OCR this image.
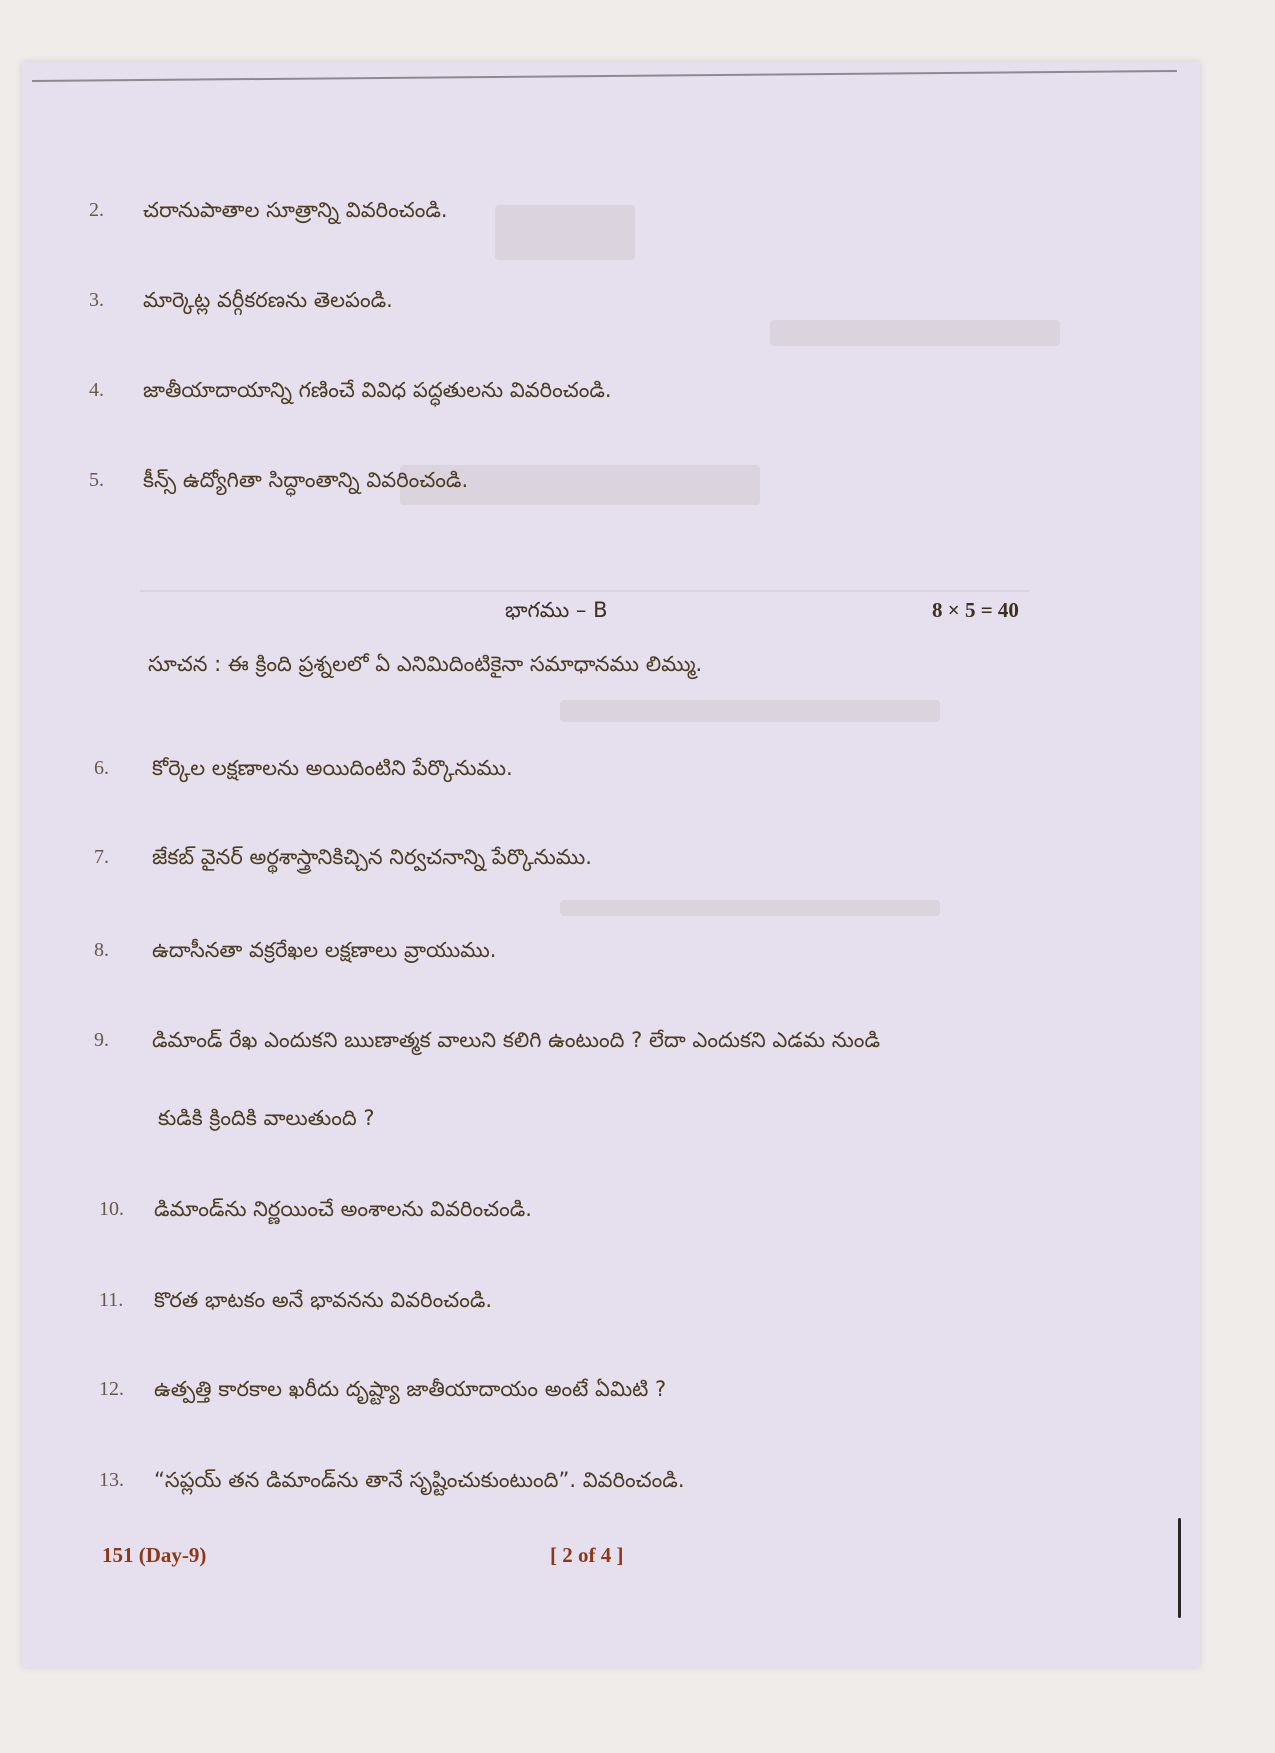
2. చరానుపాతాల సూత్రాన్ని వివరించండి.
3. మార్కెట్ల వర్గీకరణను తెలపండి.
4. జాతీయాదాయాన్ని గణించే వివిధ పద్ధతులను వివరించండి.
5. కీన్స్ ఉద్యోగితా సిద్ధాంతాన్ని వివరించండి.
భాగము – B	8 × 5 = 40
సూచన : ఈ క్రింది ప్రశ్నలలో ఏ ఎనిమిదింటికైనా సమాధానము లిమ్ము.
6. కోర్కెల లక్షణాలను అయిదింటిని పేర్కొనుము.
7. జేకబ్ వైనర్ అర్థశాస్త్రానికిచ్చిన నిర్వచనాన్ని పేర్కొనుము.
8. ఉదాసీనతా వక్రరేఖల లక్షణాలు వ్రాయుము.
9. డిమాండ్ రేఖ ఎందుకని ఋణాత్మక వాలుని కలిగి ఉంటుంది ? లేదా ఎందుకని ఎడమ నుండి
కుడికి క్రిందికి వాలుతుంది ?
10. డిమాండ్‌ను నిర్ణయించే అంశాలను వివరించండి.
11. కొరత భాటకం అనే భావనను వివరించండి.
12. ఉత్పత్తి కారకాల ఖరీదు దృష్ట్యా జాతీయాదాయం అంటే ఏమిటి ?
13. “సప్లయ్ తన డిమాండ్‌ను తానే సృష్టించుకుంటుంది”. వివరించండి.
151 (Day-9)	[ 2 of 4 ]
